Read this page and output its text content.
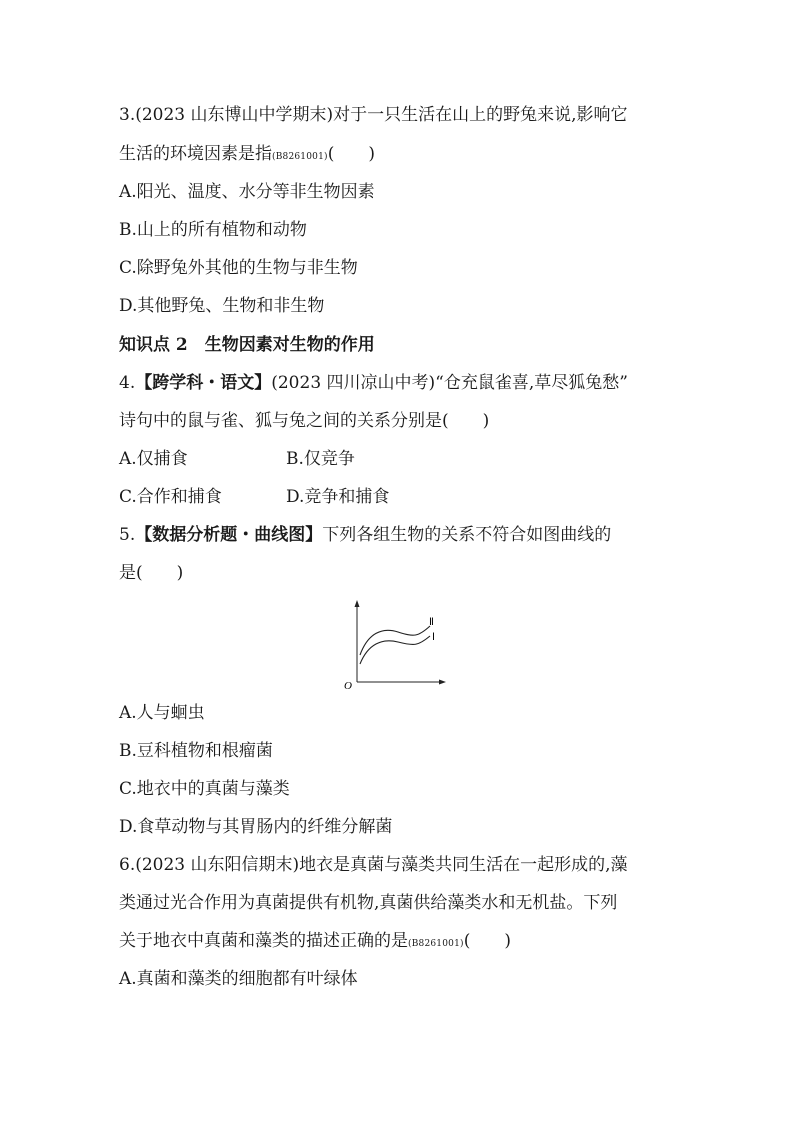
3.(2023 山东博山中学期末)对于一只生活在山上的野兔来说,影响它
生活的环境因素是指(B8261001)(　　)
A.阳光、温度、水分等非生物因素
B.山上的所有植物和动物
C.除野兔外其他的生物与非生物
D.其他野兔、生物和非生物
知识点 2　生物因素对生物的作用
4.【跨学科・语文】(2023 四川凉山中考)“仓充鼠雀喜,草尽狐兔愁”
诗句中的鼠与雀、狐与兔之间的关系分别是(　　)
A.仅捕食	B.仅竞争
C.合作和捕食	D.竞争和捕食
5.【数据分析题・曲线图】下列各组生物的关系不符合如图曲线的
是(　　)
Ⅱ
Ⅰ
O
A.人与蛔虫
B.豆科植物和根瘤菌
C.地衣中的真菌与藻类
D.食草动物与其胃肠内的纤维分解菌
6.(2023 山东阳信期末)地衣是真菌与藻类共同生活在一起形成的,藻
类通过光合作用为真菌提供有机物,真菌供给藻类水和无机盐。下列
关于地衣中真菌和藻类的描述正确的是(B8261001)(　　)
A.真菌和藻类的细胞都有叶绿体
